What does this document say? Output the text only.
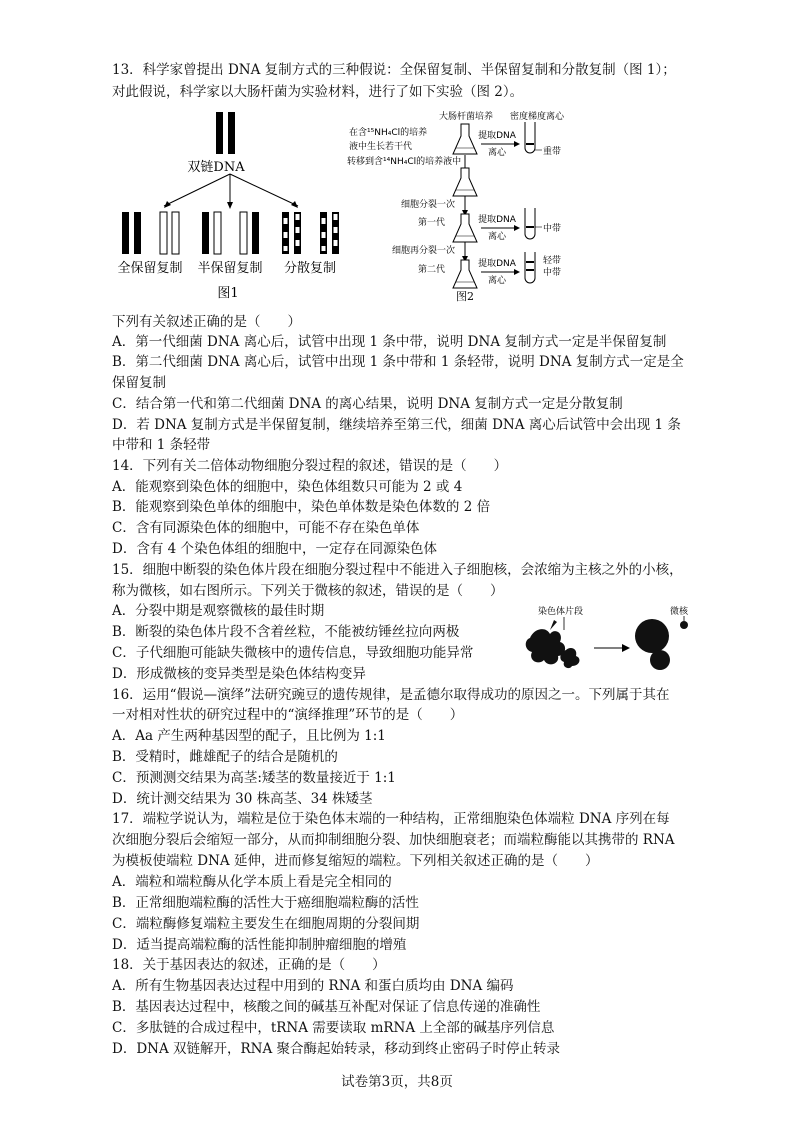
13．科学家曾提出 DNA 复制方式的三种假说：全保留复制、半保留复制和分散复制（图 1）；
对此假说，科学家以大肠杆菌为实验材料，进行了如下实验（图 2）。
双链DNA
全保留复制 半保留复制 分散复制
图1
大肠杆菌培养 密度梯度离心
在含¹⁵NH₄Cl的培养
液中生长若干代
提取DNA
离心	重带
转移到含¹⁴NH₄Cl的培养液中
细胞分裂一次
第一代	提取DNA
离心
中带
细胞再分裂一次
第二代
提取DNA
离心
轻带
中带
图2
下列有关叙述正确的是（　　）
A．第一代细菌 DNA 离心后，试管中出现 1 条中带，说明 DNA 复制方式一定是半保留复制
B．第二代细菌 DNA 离心后，试管中出现 1 条中带和 1 条轻带，说明 DNA 复制方式一定是全
保留复制
C．结合第一代和第二代细菌 DNA 的离心结果，说明 DNA 复制方式一定是分散复制
D．若 DNA 复制方式是半保留复制，继续培养至第三代，细菌 DNA 离心后试管中会出现 1 条
中带和 1 条轻带
14．下列有关二倍体动物细胞分裂过程的叙述，错误的是（　　）
A．能观察到染色体的细胞中，染色体组数只可能为 2 或 4
B．能观察到染色单体的细胞中，染色单体数是染色体数的 2 倍
C．含有同源染色体的细胞中，可能不存在染色单体
D．含有 4 个染色体组的细胞中，一定存在同源染色体
15．细胞中断裂的染色体片段在细胞分裂过程中不能进入子细胞核，会浓缩为主核之外的小核，
称为微核，如右图所示。下列关于微核的叙述，错误的是（　　）
A．分裂中期是观察微核的最佳时期
B．断裂的染色体片段不含着丝粒，不能被纺锤丝拉向两极
C．子代细胞可能缺失微核中的遗传信息，导致细胞功能异常
D．形成微核的变异类型是染色体结构变异
染色体片段	微核
16．运用“假说—演绎”法研究豌豆的遗传规律，是孟德尔取得成功的原因之一。下列属于其在
一对相对性状的研究过程中的“演绎推理”环节的是（　　）
A．Aa 产生两种基因型的配子，且比例为 1:1
B．受精时，雌雄配子的结合是随机的
C．预测测交结果为高茎:矮茎的数量接近于 1:1
D．统计测交结果为 30 株高茎、34 株矮茎
17．端粒学说认为，端粒是位于染色体末端的一种结构，正常细胞染色体端粒 DNA 序列在每
次细胞分裂后会缩短一部分，从而抑制细胞分裂、加快细胞衰老；而端粒酶能以其携带的 RNA
为模板使端粒 DNA 延伸，进而修复缩短的端粒。下列相关叙述正确的是（　　）
A．端粒和端粒酶从化学本质上看是完全相同的
B．正常细胞端粒酶的活性大于癌细胞端粒酶的活性
C．端粒酶修复端粒主要发生在细胞周期的分裂间期
D．适当提高端粒酶的活性能抑制肿瘤细胞的增殖
18．关于基因表达的叙述，正确的是（　　）
A．所有生物基因表达过程中用到的 RNA 和蛋白质均由 DNA 编码
B．基因表达过程中，核酸之间的碱基互补配对保证了信息传递的准确性
C．多肽链的合成过程中，tRNA 需要读取 mRNA 上全部的碱基序列信息
D．DNA 双链解开，RNA 聚合酶起始转录，移动到终止密码子时停止转录
试卷第3页，共8页
